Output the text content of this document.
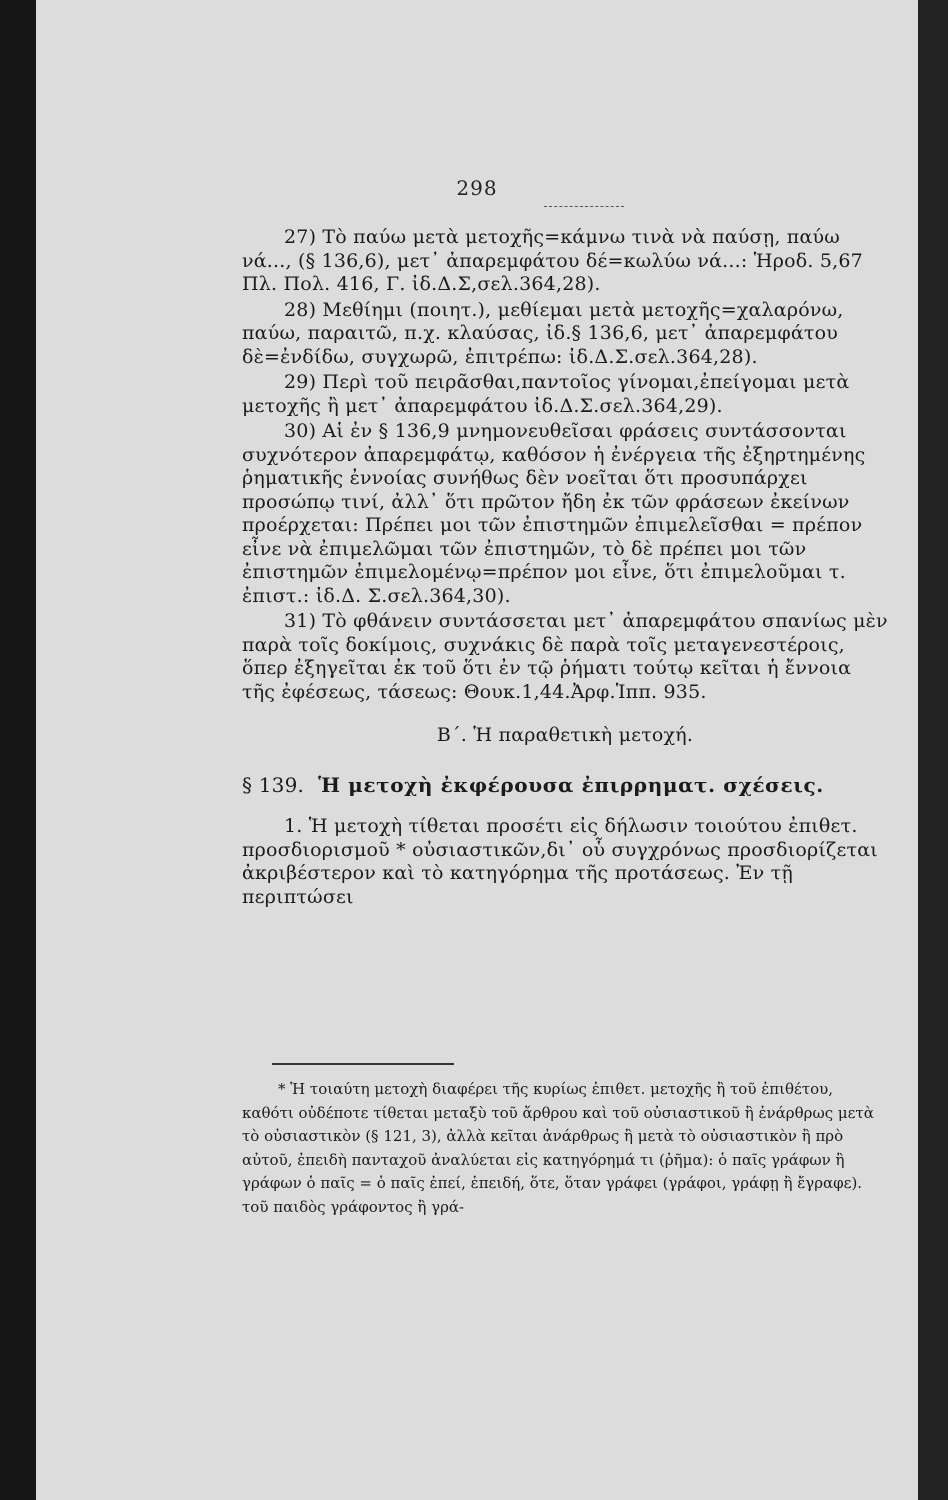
298

27) Τὸ παύω μετὰ μετοχῆς=κάμνω τινὰ νὰ παύσῃ, παύω νά..., (§ 136,6), μετ᾽ ἀπαρεμφάτου δέ=κωλύω νά...: Ἡροδ. 5,67 Πλ. Πολ. 416, Γ. ἰδ.Δ.Σ,σελ.364,28).

28) Μεθίημι (ποιητ.), μεθίεμαι μετὰ μετοχῆς=χαλαρόνω, παύω, παραιτῶ, π.χ. κλαύσας, ἰδ.§ 136,6, μετ᾽ ἀπαρεμφάτου δὲ=ἐνδίδω, συγχωρῶ, ἐπιτρέπω: ἰδ.Δ.Σ.σελ.364,28).

29) Περὶ τοῦ πειρᾶσθαι,παντοῖος γίνομαι,ἐπείγομαι μετὰ μετοχῆς ἢ μετ᾽ ἀπαρεμφάτου ἰδ.Δ.Σ.σελ.364,29).

30) Αἱ ἐν § 136,9 μνημονευθεῖσαι φράσεις συντάσσονται συχνότερον ἀπαρεμφάτῳ, καθόσον ἡ ἐνέργεια τῆς ἐξηρτημένης ῥηματικῆς ἐννοίας συνήθως δὲν νοεῖται ὅτι προσυπάρχει προσώπῳ τινί, ἀλλ᾽ ὅτι πρῶτον ἤδη ἐκ τῶν φράσεων ἐκείνων προέρχεται: Πρέπει μοι τῶν ἐπιστημῶν ἐπιμελεῖσθαι = πρέπον εἶνε νὰ ἐπιμελῶμαι τῶν ἐπιστημῶν, τὸ δὲ πρέπει μοι τῶν ἐπιστημῶν ἐπιμελομένῳ=πρέπον μοι εἶνε, ὅτι ἐπιμελοῦμαι τ. ἐπιστ.: ἰδ.Δ. Σ.σελ.364,30).

31) Τὸ φθάνειν συντάσσεται μετ᾽ ἀπαρεμφάτου σπανίως μὲν παρὰ τοῖς δοκίμοις, συχνάκις δὲ παρὰ τοῖς μεταγενεστέροις, ὅπερ ἐξηγεῖται ἐκ τοῦ ὅτι ἐν τῷ ῥήματι τούτῳ κεῖται ἡ ἔννοια τῆς ἐφέσεως, τάσεως: Θουκ.1,44.Ἀρφ.Ἱππ. 935.

Β΄. Ἡ παραθετικὴ μετοχή.

§ 139. Ἡ μετοχὴ ἐκφέρουσα ἐπιρρηματ. σχέσεις.

1. Ἡ μετοχὴ τίθεται προσέτι εἰς δήλωσιν τοιούτου ἐπιθετ. προσδιορισμοῦ * οὐσιαστικῶν,δι᾽ οὗ συγχρόνως προσδιορίζεται ἀκριβέστερον καὶ τὸ κατηγόρημα τῆς προτάσεως. Ἐν τῇ περιπτώσει

* Ἡ τοιαύτη μετοχὴ διαφέρει τῆς κυρίως ἐπιθετ. μετοχῆς ἢ τοῦ ἐπιθέτου, καθότι οὐδέποτε τίθεται μεταξὺ τοῦ ἄρθρου καὶ τοῦ οὐσιαστικοῦ ἢ ἐνάρθρως μετὰ τὸ οὐσιαστικὸν (§ 121, 3), ἀλλὰ κεῖται ἀνάρθρως ἢ μετὰ τὸ οὐσιαστικὸν ἢ πρὸ αὐτοῦ, ἐπειδὴ πανταχοῦ ἀναλύεται εἰς κατηγόρημά τι (ῥῆμα): ὁ παῖς γράφων ἢ γράφων ὁ παῖς = ὁ παῖς ἐπεί, ἐπειδή, ὅτε, ὅταν γράφει (γράφοι, γράφῃ ἢ ἔγραφε). τοῦ παιδὸς γράφοντος ἢ γρά-
